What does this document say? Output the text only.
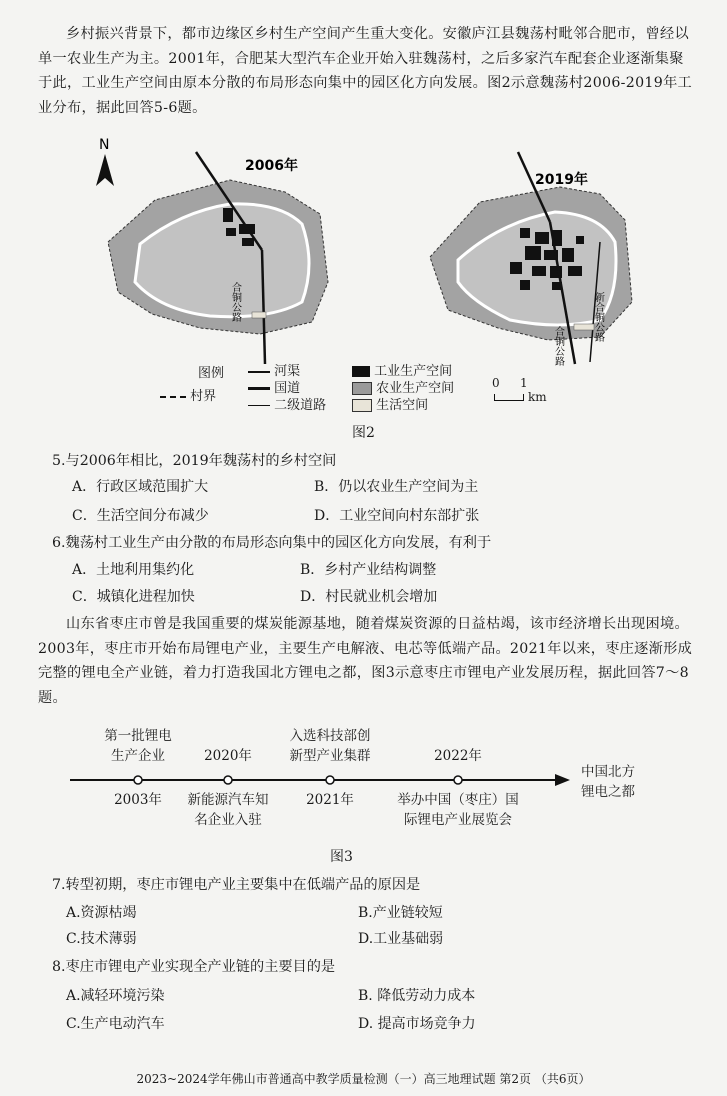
乡村振兴背景下，都市边缘区乡村生产空间产生重大变化。安徽庐江县魏荡村毗邻合肥市，曾经以单一农业生产为主。2001年，合肥某大型汽车企业开始入驻魏荡村，之后多家汽车配套企业逐渐集聚于此，工业生产空间由原本分散的布局形态向集中的园区化方向发展。图2示意魏荡村2006-2019年工业分布，据此回答5-6题。

N
2006年
合铜公路
2019年
合铜公路
新合铜公路
图例	河渠
国道
村界
二级道路
工业生产空间
农业生产空间
生活空间
0 1
km
图2
5.与2006年相比，2019年魏荡村的乡村空间
A．行政区域范围扩大	B．仍以农业生产空间为主
C．生活空间分布减少	D．工业空间向村东部扩张
6.魏荡村工业生产由分散的布局形态向集中的园区化方向发展，有利于
A．土地利用集约化	B．乡村产业结构调整
C．城镇化进程加快	D．村民就业机会增加

山东省枣庄市曾是我国重要的煤炭能源基地，随着煤炭资源的日益枯竭，该市经济增长出现困境。2003年，枣庄市开始布局锂电产业，主要生产电解液、电芯等低端产品。2021年以来，枣庄逐渐形成完整的锂电全产业链，着力打造我国北方锂电之都，图3示意枣庄市锂电产业发展历程，据此回答7～8题。

第一批锂电
生产企业	2020年
入选科技部创
新型产业集群	2022年
2003年	新能源汽车知
名企业入驻
2021年	举办中国（枣庄）国
际锂电产业展览会
中国北方
锂电之都
图3
7.转型初期，枣庄市锂电产业主要集中在低端产品的原因是
A.资源枯竭	B.产业链较短
C.技术薄弱	D.工业基础弱
8.枣庄市锂电产业实现全产业链的主要目的是
A.减轻环境污染	B. 降低劳动力成本
C.生产电动汽车	D. 提高市场竞争力
2023~2024学年佛山市普通高中教学质量检测（一）高三地理试题 第2页 （共6页）
